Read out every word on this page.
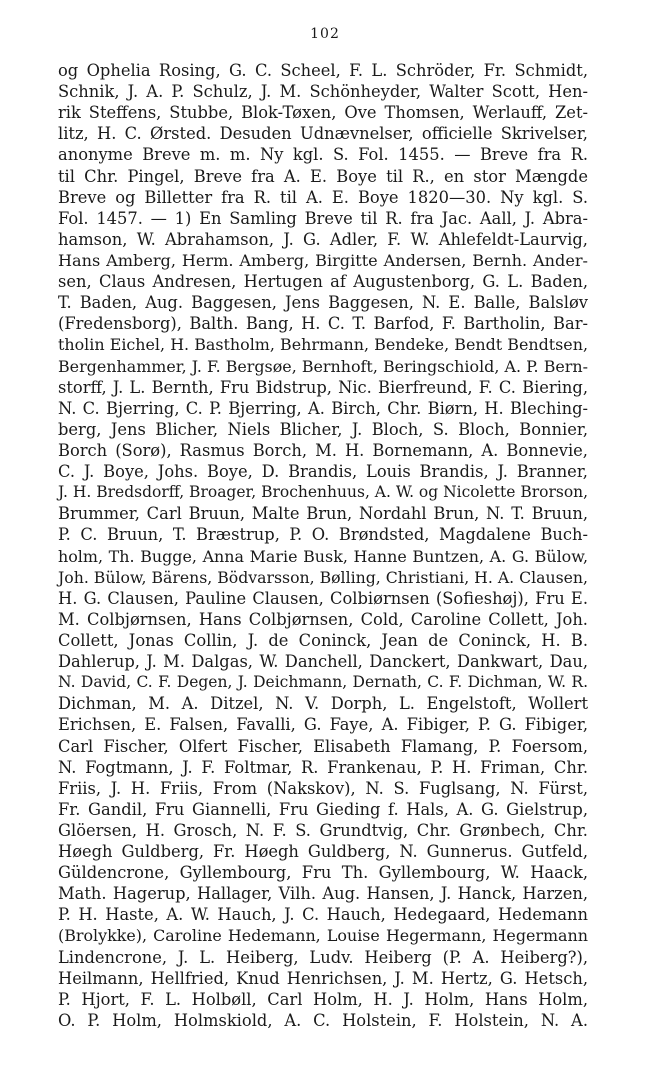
102
og Ophelia Rosing, G. C. Scheel, F. L. Schröder, Fr. Schmidt,
Schnik, J. A. P. Schulz, J. M. Schönheyder, Walter Scott, Hen-
rik Steffens, Stubbe, Blok-Tøxen, Ove Thomsen, Werlauff, Zet-
litz, H. C. Ørsted. Desuden Udnævnelser, officielle Skrivelser,
anonyme Breve m. m. Ny kgl. S. Fol. 1455. — Breve fra R.
til Chr. Pingel, Breve fra A. E. Boye til R., en stor Mængde
Breve og Billetter fra R. til A. E. Boye 1820—30. Ny kgl. S.
Fol. 1457. — 1) En Samling Breve til R. fra Jac. Aall, J. Abra-
hamson, W. Abrahamson, J. G. Adler, F. W. Ahlefeldt-Laurvig,
Hans Amberg, Herm. Amberg, Birgitte Andersen, Bernh. Ander-
sen, Claus Andresen, Hertugen af Augustenborg, G. L. Baden,
T. Baden, Aug. Baggesen, Jens Baggesen, N. E. Balle, Balsløv
(Fredensborg), Balth. Bang, H. C. T. Barfod, F. Bartholin, Bar-
tholin Eichel, H. Bastholm, Behrmann, Bendeke, Bendt Bendtsen,
Bergenhammer, J. F. Bergsøe, Bernhoft, Beringschiold, A. P. Bern-
storff, J. L. Bernth, Fru Bidstrup, Nic. Bierfreund, F. C. Biering,
N. C. Bjerring, C. P. Bjerring, A. Birch, Chr. Biørn, H. Bleching-
berg, Jens Blicher, Niels Blicher, J. Bloch, S. Bloch, Bonnier,
Borch (Sorø), Rasmus Borch, M. H. Bornemann, A. Bonnevie,
C. J. Boye, Johs. Boye, D. Brandis, Louis Brandis, J. Branner,
J. H. Bredsdorff, Broager, Brochenhuus, A. W. og Nicolette Brorson,
Brummer, Carl Bruun, Malte Brun, Nordahl Brun, N. T. Bruun,
P. C. Bruun, T. Bræstrup, P. O. Brøndsted, Magdalene Buch-
holm, Th. Bugge, Anna Marie Busk, Hanne Buntzen, A. G. Bülow,
Joh. Bülow, Bärens, Bödvarsson, Bølling, Christiani, H. A. Clausen,
H. G. Clausen, Pauline Clausen, Colbiørnsen (Sofieshøj), Fru E.
M. Colbjørnsen, Hans Colbjørnsen, Cold, Caroline Collett, Joh.
Collett, Jonas Collin, J. de Coninck, Jean de Coninck, H. B.
Dahlerup, J. M. Dalgas, W. Danchell, Danckert, Dankwart, Dau,
N. David, C. F. Degen, J. Deichmann, Dernath, C. F. Dichman, W. R.
Dichman, M. A. Ditzel, N. V. Dorph, L. Engelstoft, Wollert
Erichsen, E. Falsen, Favalli, G. Faye, A. Fibiger, P. G. Fibiger,
Carl Fischer, Olfert Fischer, Elisabeth Flamang, P. Foersom,
N. Fogtmann, J. F. Foltmar, R. Frankenau, P. H. Friman, Chr.
Friis, J. H. Friis, From (Nakskov), N. S. Fuglsang, N. Fürst,
Fr. Gandil, Fru Giannelli, Fru Gieding f. Hals, A. G. Gielstrup,
Glöersen, H. Grosch, N. F. S. Grundtvig, Chr. Grønbech, Chr.
Høegh Guldberg, Fr. Høegh Guldberg, N. Gunnerus. Gutfeld,
Güldencrone, Gyllembourg, Fru Th. Gyllembourg, W. Haack,
Math. Hagerup, Hallager, Vilh. Aug. Hansen, J. Hanck, Harzen,
P. H. Haste, A. W. Hauch, J. C. Hauch, Hedegaard, Hedemann
(Brolykke), Caroline Hedemann, Louise Hegermann, Hegermann
Lindencrone, J. L. Heiberg, Ludv. Heiberg (P. A. Heiberg?),
Heilmann, Hellfried, Knud Henrichsen, J. M. Hertz, G. Hetsch,
P. Hjort, F. L. Holbøll, Carl Holm, H. J. Holm, Hans Holm,
O. P. Holm, Holmskiold, A. C. Holstein, F. Holstein, N. A.
